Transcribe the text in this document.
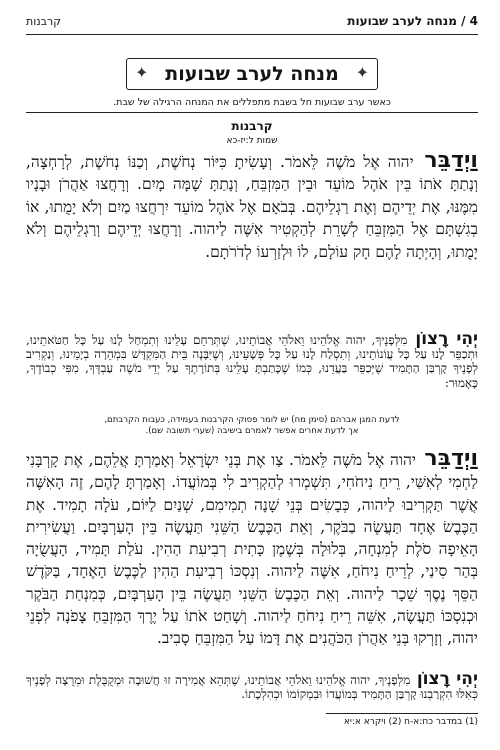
4 / מנחה לערב שבועות
קרבנות
✦
מנחה לערב שבועות
✦
כאשר ערב שבועות חל בשבת מתפללים את המנחה הרגילה של שבת.
קרבנות
שמות ל:יז-כא
וַיְדַבֵּר יהוה אֶל מֹשֶׁה לֵּאמֹר. וְעָשִׂיתָ כִּיּוֹר נְחֹשֶׁת, וְכַנּוֹ נְחֹשֶׁת, לְרָחְצָה, וְנָתַתָּ אֹתוֹ בֵּין אֹהֶל מוֹעֵד וּבֵין הַמִּזְבֵּחַ, וְנָתַתָּ שָׁמָּה מָיִם. וְרָחֲצוּ אַהֲרֹן וּבָנָיו מִמֶּנּוּ, אֶת יְדֵיהֶם וְאֶת רַגְלֵיהֶם. בְּבֹאָם אֶל אֹהֶל מוֹעֵד יִרְחֲצוּ מַיִם וְלֹא יָמֻתוּ, אוֹ בְגִשְׁתָּם אֶל הַמִּזְבֵּחַ לְשָׁרֵת לְהַקְטִיר אִשֶּׁה לַיהוה. וְרָחֲצוּ יְדֵיהֶם וְרַגְלֵיהֶם וְלֹא יָמֻתוּ, וְהָיְתָה לָהֶם חָק עוֹלָם, לוֹ וּלְזַרְעוֹ לְדֹרֹתָם.
יְהִי רָצוֹן מִלְּפָנֶיךָ, יהוה אֱלֹהֵינוּ וֵאלֹהֵי אֲבוֹתֵינוּ, שֶׁתְּרַחֵם עָלֵינוּ וְתִמְחַל לָנוּ עַל כָּל חַטֹּאתֵינוּ, וּתְכַפֵּר לָנוּ עַל כָּל עֲוֹנוֹתֵינוּ, וְתִסְלַח לָנוּ עַל כָּל פְּשָׁעֵינוּ, וְשֶׁיִּבָּנֶה בֵּית הַמִּקְדָּשׁ בִּמְהֵרָה בְיָמֵינוּ, וְנַקְרִיב לְפָנֶיךָ קָרְבַּן הַתָּמִיד שֶׁיְּכַפֵּר בַּעֲדֵנוּ, כְּמוֹ שֶׁכָּתַבְתָּ עָלֵינוּ בְּתוֹרָתֶךָ עַל יְדֵי מֹשֶׁה עַבְדֶּךָ, מִפִּי כְבוֹדֶךָ, כָּאָמוּר:
לדעת המגן אברהם (סימן מח) יש לומר פסוקי הקרבנות בעמידה, כעבות הקרבתם,
אך לדעת אחרים אפשר לאמרם בישיבה (שערי תשובה שם).
וַיְדַבֵּר יהוה אֶל מֹשֶׁה לֵּאמֹר. צַו אֶת בְּנֵי יִשְׂרָאֵל וְאָמַרְתָּ אֲלֵהֶם, אֶת קָרְבָּנִי לַחְמִי לְאִשַּׁי, רֵיחַ נִיחֹחִי, תִּשְׁמְרוּ לְהַקְרִיב לִי בְּמוֹעֲדוֹ. וְאָמַרְתָּ לָהֶם, זֶה הָאִשֶּׁה אֲשֶׁר תַּקְרִיבוּ לַיהוה, כְּבָשִׂים בְּנֵי שָׁנָה תְמִימִם, שְׁנַיִם לַיּוֹם, עֹלָה תָמִיד. אֶת הַכֶּבֶשׂ אֶחָד תַּעֲשֶׂה בַבֹּקֶר, וְאֵת הַכֶּבֶשׂ הַשֵּׁנִי תַּעֲשֶׂה בֵּין הָעַרְבָּיִם. וַעֲשִׂירִית הָאֵיפָה סֹלֶת לְמִנְחָה, בְּלוּלָה בְּשֶׁמֶן כָּתִית רְבִיעִת הַהִין. עֹלַת תָּמִיד, הָעֲשֻׂיָה בְּהַר סִינַי, לְרֵיחַ נִיחֹחַ, אִשֶּׁה לַיהוה. וְנִסְכּוֹ רְבִיעִת הַהִין לַכֶּבֶשׂ הָאֶחָד, בַּקֹּדֶשׁ הַסֵּךְ נֶסֶךְ שֵׁכָר לַיהוה. וְאֵת הַכֶּבֶשׂ הַשֵּׁנִי תַּעֲשֶׂה בֵּין הָעַרְבָּיִם, כְּמִנְחַת הַבֹּקֶר וּכְנִסְכּוֹ תַּעֲשֶׂה, אִשֵּׁה רֵיחַ נִיחֹחַ לַיהוה. וְשָׁחַט אֹתוֹ עַל יֶרֶךְ הַמִּזְבֵּחַ צָפֹנָה לִפְנֵי יהוה, וְזָרְקוּ בְּנֵי אַהֲרֹן הַכֹּהֲנִים אֶת דָּמוֹ עַל הַמִּזְבֵּחַ סָבִיב.
יְהִי רָצוֹן מִלְּפָנֶיךָ, יהוה אֱלֹהֵינוּ וֵאלֹהֵי אֲבוֹתֵינוּ, שֶׁתְּהֵא אֲמִירָה זוּ חֲשׁוּבָה וּמְקֻבֶּלֶת וּמְרֻצָה לְפָנֶיךָ כְּאִלּוּ הִקְרַבְנוּ קָרְבַּן הַתָּמִיד בְּמוֹעֲדוֹ וּבִמְקוֹמוֹ וּכְהִלְכָתוֹ.
(1) במדבר כח:א-ח (2) ויקרא א:יא
